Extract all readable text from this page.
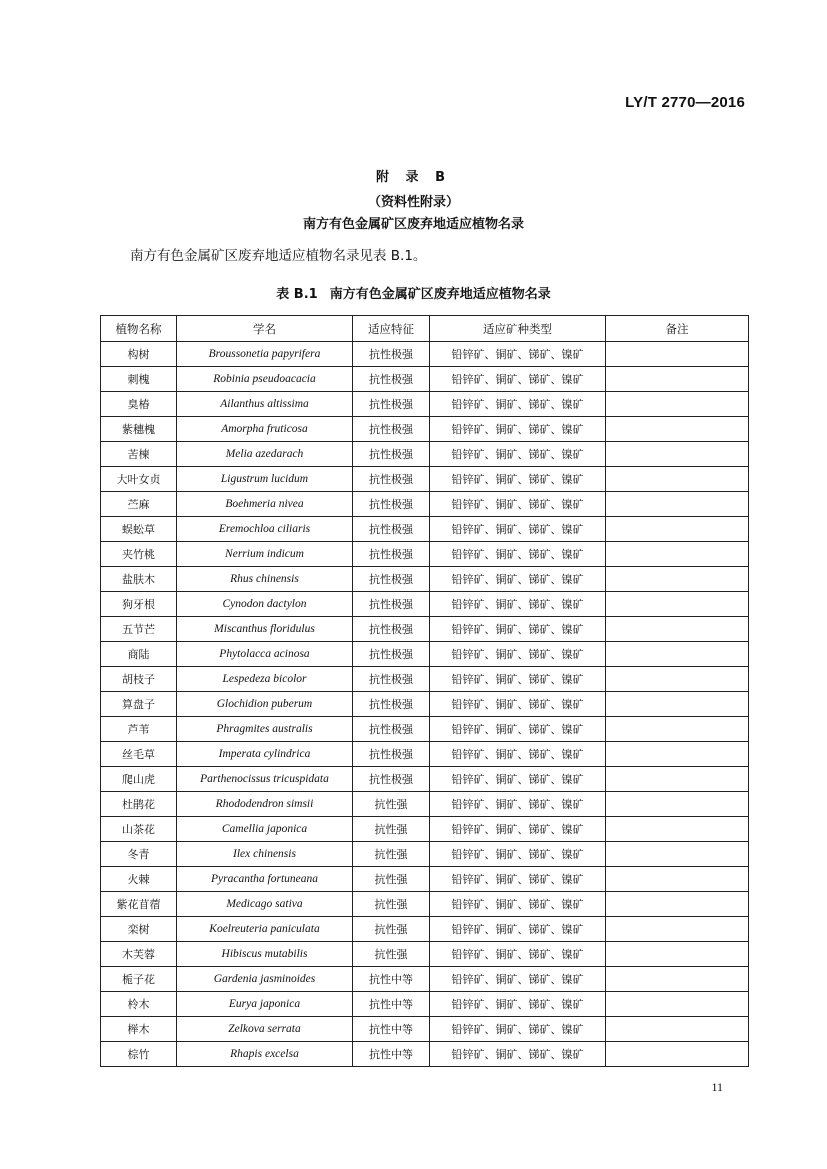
LY/T 2770—2016
附 录 B
（资料性附录）
南方有色金属矿区废弃地适应植物名录
南方有色金属矿区废弃地适应植物名录见表 B.1。
表 B.1 南方有色金属矿区废弃地适应植物名录
植物名称	学名	适应特征	适应矿种类型	备注
构树	Broussonetia papyrifera	抗性极强	铅锌矿、铜矿、锑矿、镍矿	
刺槐	Robinia pseudoacacia	抗性极强	铅锌矿、铜矿、锑矿、镍矿	
臭椿	Ailanthus altissima	抗性极强	铅锌矿、铜矿、锑矿、镍矿	
紫穗槐	Amorpha fruticosa	抗性极强	铅锌矿、铜矿、锑矿、镍矿	
苦楝	Melia azedarach	抗性极强	铅锌矿、铜矿、锑矿、镍矿	
大叶女贞	Ligustrum lucidum	抗性极强	铅锌矿、铜矿、锑矿、镍矿	
苎麻	Boehmeria nivea	抗性极强	铅锌矿、铜矿、锑矿、镍矿	
蜈蚣草	Eremochloa ciliaris	抗性极强	铅锌矿、铜矿、锑矿、镍矿	
夹竹桃	Nerrium indicum	抗性极强	铅锌矿、铜矿、锑矿、镍矿	
盐肤木	Rhus chinensis	抗性极强	铅锌矿、铜矿、锑矿、镍矿	
狗牙根	Cynodon dactylon	抗性极强	铅锌矿、铜矿、锑矿、镍矿	
五节芒	Miscanthus floridulus	抗性极强	铅锌矿、铜矿、锑矿、镍矿	
商陆	Phytolacca acinosa	抗性极强	铅锌矿、铜矿、锑矿、镍矿	
胡枝子	Lespedeza bicolor	抗性极强	铅锌矿、铜矿、锑矿、镍矿	
算盘子	Glochidion puberum	抗性极强	铅锌矿、铜矿、锑矿、镍矿	
芦苇	Phragmites australis	抗性极强	铅锌矿、铜矿、锑矿、镍矿	
丝毛草	Imperata cylindrica	抗性极强	铅锌矿、铜矿、锑矿、镍矿	
爬山虎	Parthenocissus tricuspidata	抗性极强	铅锌矿、铜矿、锑矿、镍矿	
杜鹃花	Rhododendron simsii	抗性强	铅锌矿、铜矿、锑矿、镍矿	
山茶花	Camellia japonica	抗性强	铅锌矿、铜矿、锑矿、镍矿	
冬青	Ilex chinensis	抗性强	铅锌矿、铜矿、锑矿、镍矿	
火棘	Pyracantha fortuneana	抗性强	铅锌矿、铜矿、锑矿、镍矿	
紫花苜蓿	Medicago sativa	抗性强	铅锌矿、铜矿、锑矿、镍矿	
栾树	Koelreuteria paniculata	抗性强	铅锌矿、铜矿、锑矿、镍矿	
木芙蓉	Hibiscus mutabilis	抗性强	铅锌矿、铜矿、锑矿、镍矿	
栀子花	Gardenia jasminoides	抗性中等	铅锌矿、铜矿、锑矿、镍矿	
柃木	Eurya japonica	抗性中等	铅锌矿、铜矿、锑矿、镍矿	
榉木	Zelkova serrata	抗性中等	铅锌矿、铜矿、锑矿、镍矿	
棕竹	Rhapis excelsa	抗性中等	铅锌矿、铜矿、锑矿、镍矿	
11
